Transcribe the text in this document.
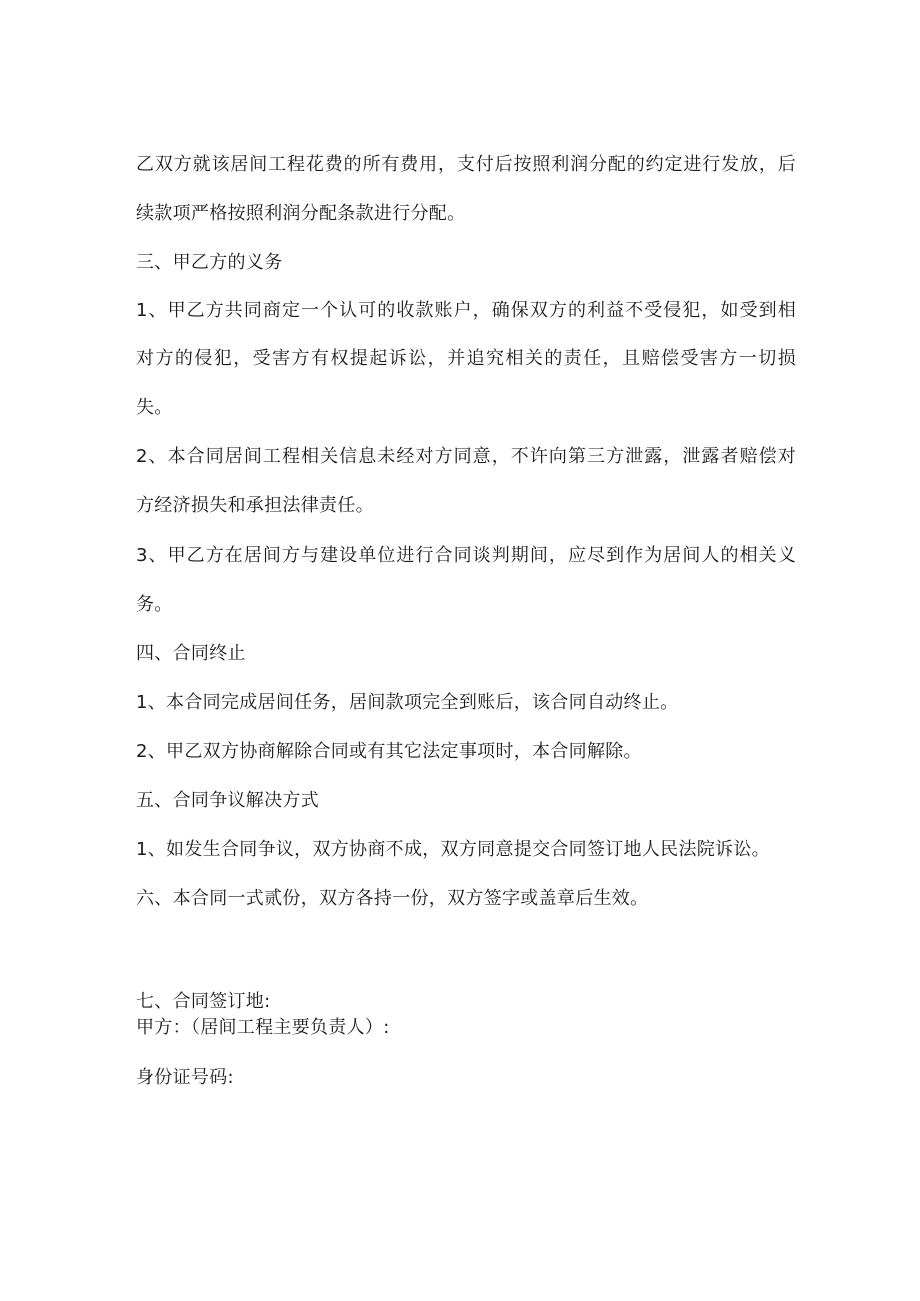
乙双方就该居间工程花费的所有费用，支付后按照利润分配的约定进行发放，后
续款项严格按照利润分配条款进行分配。
三、甲乙方的义务
1、甲乙方共同商定一个认可的收款账户，确保双方的利益不受侵犯，如受到相
对方的侵犯，受害方有权提起诉讼，并追究相关的责任，且赔偿受害方一切损
失。
2、本合同居间工程相关信息未经对方同意，不许向第三方泄露，泄露者赔偿对
方经济损失和承担法律责任。
3、甲乙方在居间方与建设单位进行合同谈判期间，应尽到作为居间人的相关义
务。
四、合同终止
1、本合同完成居间任务，居间款项完全到账后，该合同自动终止。
2、甲乙双方协商解除合同或有其它法定事项时，本合同解除。
五、合同争议解决方式
1、如发生合同争议，双方协商不成，双方同意提交合同签订地人民法院诉讼。
六、本合同一式贰份，双方各持一份，双方签字或盖章后生效。
七、合同签订地:
甲方：（居间工程主要负责人）:
身份证号码:
